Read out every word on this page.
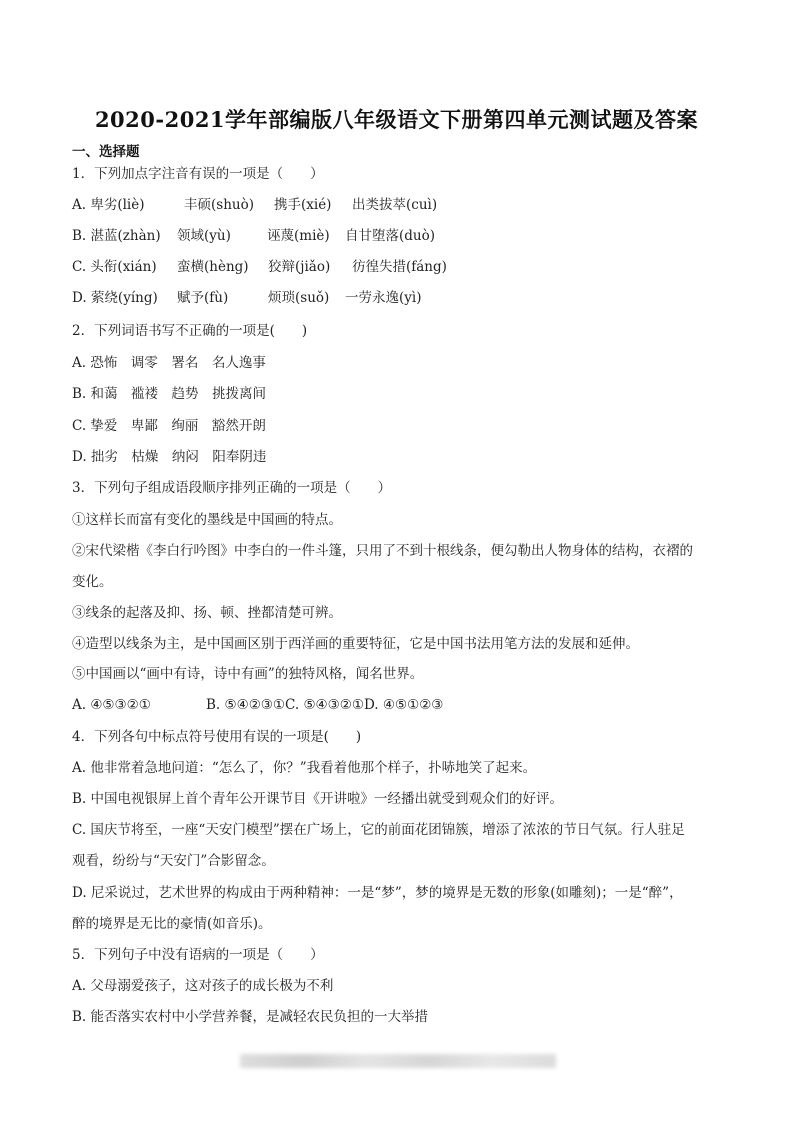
2020-2021学年部编版八年级语文下册第四单元测试题及答案
一、选择题
1．下列加点字注音有误的一项是（　　）
A. 卑劣(liè)	丰硕(shuò) 携手(xié) 出类拔萃(cuì)
B. 湛蓝(zhàn) 领域(yù)	诬蔑(miè) 自甘堕落(duò)
C. 头衔(xián) 蛮横(hèng) 狡辩(jiǎo) 彷徨失措(fáng)
D. 萦绕(yíng) 赋予(fù)	烦琐(suǒ) 一劳永逸(yì)
2．下列词语书写不正确的一项是(　　)
A. 恐怖　调零　署名　名人逸事
B. 和蔼　褴褛　趋势　挑拨离间
C. 挚爱　卑鄙　绚丽　豁然开朗
D. 拙劣　枯燥　纳闷　阳奉阴违
3．下列句子组成语段顺序排列正确的一项是（　　）
①这样长而富有变化的墨线是中国画的特点。
②宋代梁楷《李白行吟图》中李白的一件斗篷，只用了不到十根线条，便勾勒出人物身体的结构，衣褶的
变化。
③线条的起落及抑、扬、顿、挫都清楚可辨。
④造型以线条为主，是中国画区别于西洋画的重要特征，它是中国书法用笔方法的发展和延伸。
⑤中国画以“画中有诗，诗中有画”的独特风格，闻名世界。
A. ④⑤③②①	B. ⑤④②③①C. ⑤④③②①D. ④⑤①②③
4．下列各句中标点符号使用有误的一项是(　　)
A. 他非常着急地问道：“怎么了，你？”我看着他那个样子，扑哧地笑了起来。
B. 中国电视银屏上首个青年公开课节目《开讲啦》一经播出就受到观众们的好评。
C. 国庆节将至，一座“天安门模型”摆在广场上，它的前面花团锦簇，增添了浓浓的节日气氛。行人驻足
观看，纷纷与“天安门”合影留念。
D. 尼采说过，艺术世界的构成由于两种精神：一是“梦”，梦的境界是无数的形象(如雕刻)；一是“醉”，
醉的境界是无比的豪情(如音乐)。
5．下列句子中没有语病的一项是（　　）
A. 父母溺爱孩子，这对孩子的成长极为不利
B. 能否落实农村中小学营养餐，是减轻农民负担的一大举措
